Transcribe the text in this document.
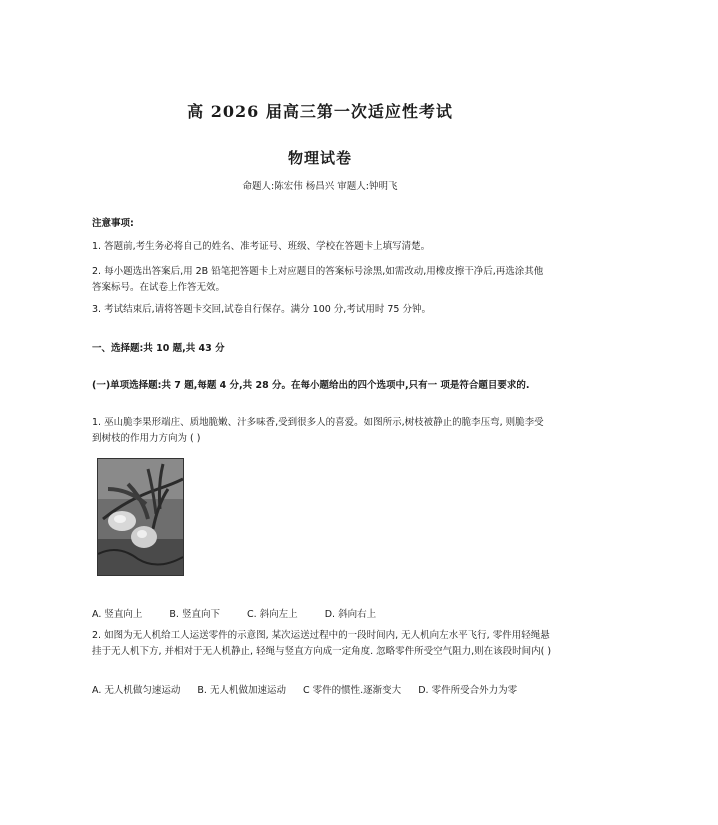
高 2026 届高三第一次适应性考试
物理试卷
命题人:陈宏伟 杨昌兴 审题人:钟明飞
注意事项:
1. 答题前,考生务必将自己的姓名、准考证号、班级、学校在答题卡上填写清楚。
2. 每小题选出答案后,用 2B 铅笔把答题卡上对应题目的答案标号涂黑,如需改动,用橡皮擦干净后,再选涂其他答案标号。在试卷上作答无效。
3. 考试结束后,请将答题卡交回,试卷自行保存。满分 100 分,考试用时 75 分钟。
一、选择题:共 10 题,共 43 分
(一)单项选择题:共 7 题,每题 4 分,共 28 分。在每小题给出的四个选项中,只有一 项是符合题目要求的.
1. 巫山脆李果形端庄、质地脆嫩、汁多味香,受到很多人的喜爱。如图所示,树枝被静止的脆李压弯, 则脆李受到树枝的作用力方向为 ( )
A. 竖直向上	B. 竖直向下	C. 斜向左上	D. 斜向右上
2. 如图为无人机给工人运送零件的示意图, 某次运送过程中的一段时间内, 无人机向左水平飞行, 零件用轻绳悬挂于无人机下方, 并相对于无人机静止, 轻绳与竖直方向成一定角度. 忽略零件所受空气阻力,则在该段时间内( )
A. 无人机做匀速运动 B. 无人机做加速运动 C 零件的惯性.逐渐变大 D. 零件所受合外力为零
